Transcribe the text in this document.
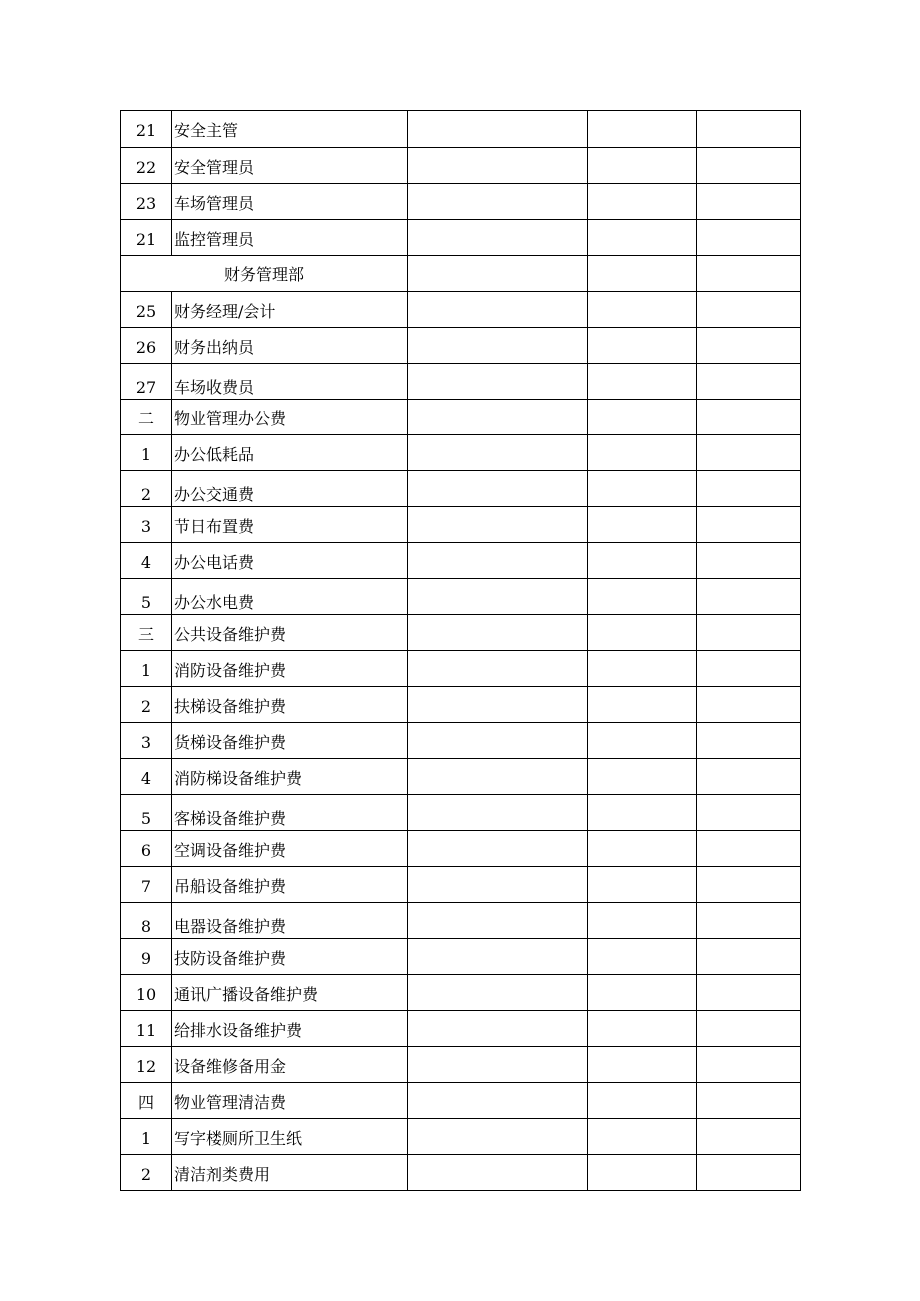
21	安全主管			
22	安全管理员			
23	车场管理员			
21	监控管理员			
财务管理部				
25	财务经理/会计			
26	财务出纳员			
27	车场收费员			
二	物业管理办公费			
1	办公低耗品			
2	办公交通费			
3	节日布置费			
4	办公电话费			
5	办公水电费			
三	公共设备维护费			
1	消防设备维护费			
2	扶梯设备维护费			
3	货梯设备维护费			
4	消防梯设备维护费			
5	客梯设备维护费			
6	空调设备维护费			
7	吊船设备维护费			
8	电器设备维护费			
9	技防设备维护费			
10	通讯广播设备维护费			
11	给排水设备维护费			
12	设备维修备用金			
四	物业管理清洁费			
1	写字楼厕所卫生纸			
2	清洁剂类费用			
